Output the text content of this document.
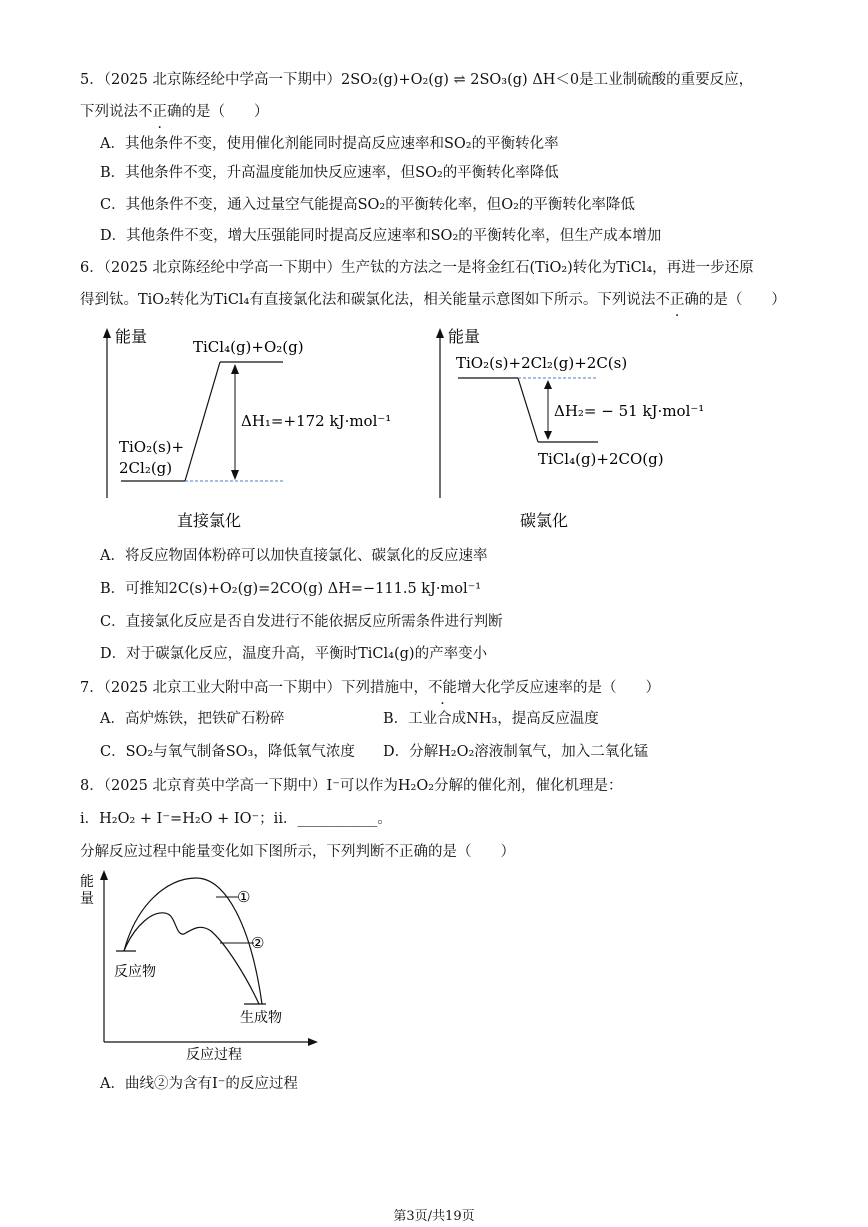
5．（2025 北京陈经纶中学高一下期中）2SO₂(g)+O₂(g) ⇌ 2SO₃(g) ΔH＜0是工业制硫酸的重要反应，
下列说法不正确的是（　　）
A．其他条件不变，使用催化剂能同时提高反应速率和SO₂的平衡转化率
B．其他条件不变，升高温度能加快反应速率，但SO₂的平衡转化率降低
C．其他条件不变，通入过量空气能提高SO₂的平衡转化率，但O₂的平衡转化率降低
D．其他条件不变，增大压强能同时提高反应速率和SO₂的平衡转化率，但生产成本增加
6．（2025 北京陈经纶中学高一下期中）生产钛的方法之一是将金红石(TiO₂)转化为TiCl₄，再进一步还原
得到钛。TiO₂转化为TiCl₄有直接氯化法和碳氯化法，相关能量示意图如下所示。下列说法不正确的是（　　）
能量
TiCl₄(g)+O₂(g)
TiO₂(s)+
2Cl₂(g)
ΔH₁=+172 kJ·mol⁻¹
直接氯化
能量
TiO₂(s)+2Cl₂(g)+2C(s)
TiCl₄(g)+2CO(g)
ΔH₂= − 51 kJ·mol⁻¹
碳氯化
A．将反应物固体粉碎可以加快直接氯化、碳氯化的反应速率
B．可推知2C(s)+O₂(g)=2CO(g) ΔH=−111.5 kJ·mol⁻¹
C．直接氯化反应是否自发进行不能依据反应所需条件进行判断
D．对于碳氯化反应，温度升高，平衡时TiCl₄(g)的产率变小
7．（2025 北京工业大附中高一下期中）下列措施中，不能增大化学反应速率的是（　　）
A．高炉炼铁，把铁矿石粉碎	B．工业合成NH₃，提高反应温度
C．SO₂与氧气制备SO₃，降低氧气浓度 D．分解H₂O₂溶液制氧气，加入二氧化锰
8．（2025 北京育英中学高一下期中）I⁻可以作为H₂O₂分解的催化剂，催化机理是：
i．H₂O₂ + I⁻=H₂O + IO⁻；ii．___________。
分解反应过程中能量变化如下图所示，下列判断不正确的是（　　）
能
量
反应过程
①
②
反应物
生成物
A．曲线②为含有I⁻的反应过程
第3页/共19页
